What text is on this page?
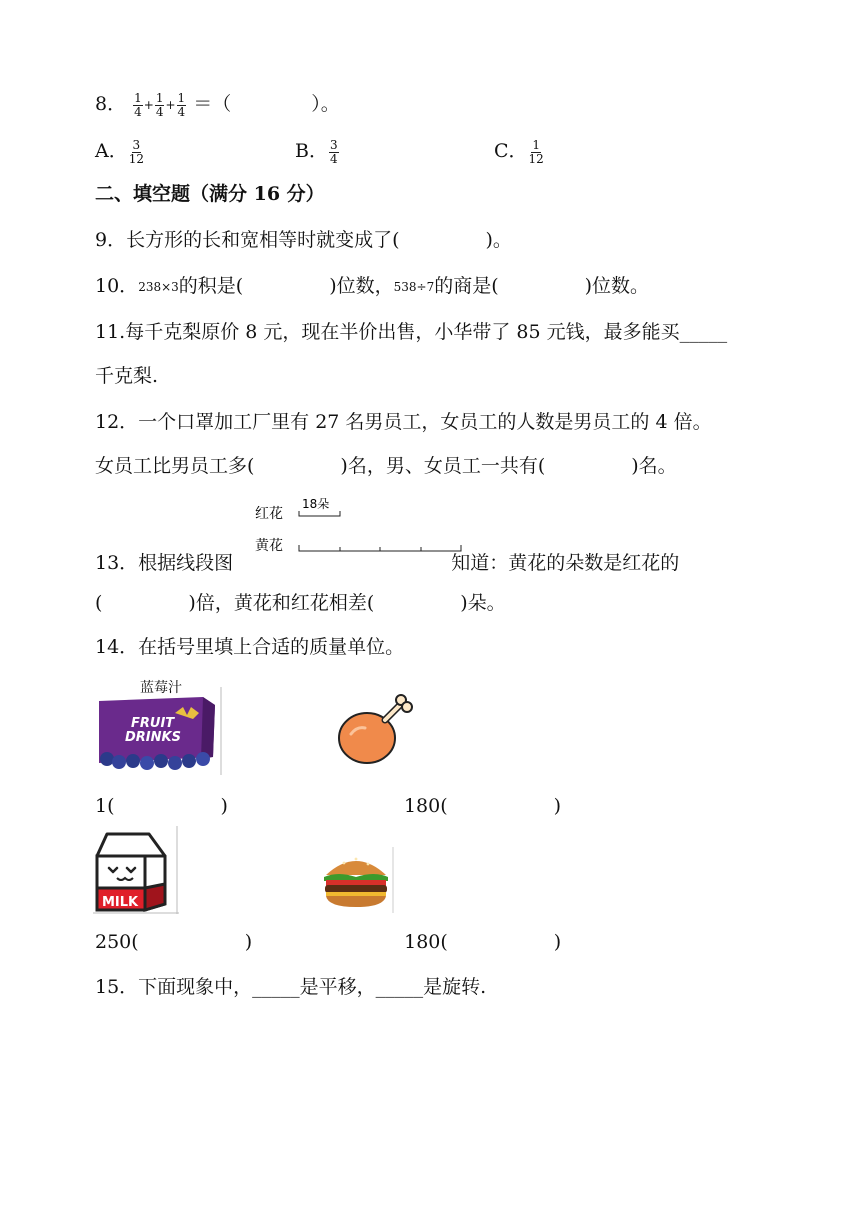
8． $\frac{1}{4} + \frac{1}{4} + \frac{1}{4}$ ＝（	）。
A． $\frac{3}{12}$	B． $\frac{3}{4}$	C． $\frac{1}{12}$
二、填空题（满分 16 分）
9．长方形的长和宽相等时就变成了(	)。
10．238×3的积是(	)位数，538÷7的商是(	)位数。
11.每千克梨原价 8 元，现在半价出售，小华带了 85 元钱，最多能买_____
千克梨.
12．一个口罩加工厂里有 27 名男员工，女员工的人数是男员工的 4 倍。
女员工比男员工多(	)名，男、女员工一共有(	)名。
红花
18朵
黄花
13．根据线段图	知道：黄花的朵数是红花的
(	)倍，黄花和红花相差(	)朵。
14．在括号里填上合适的质量单位。
蓝莓汁
FRUIT
DRINKS
1(	)	180(	)
MILK
250(	)	180(	)
15．下面现象中，_____是平移，_____是旋转.
